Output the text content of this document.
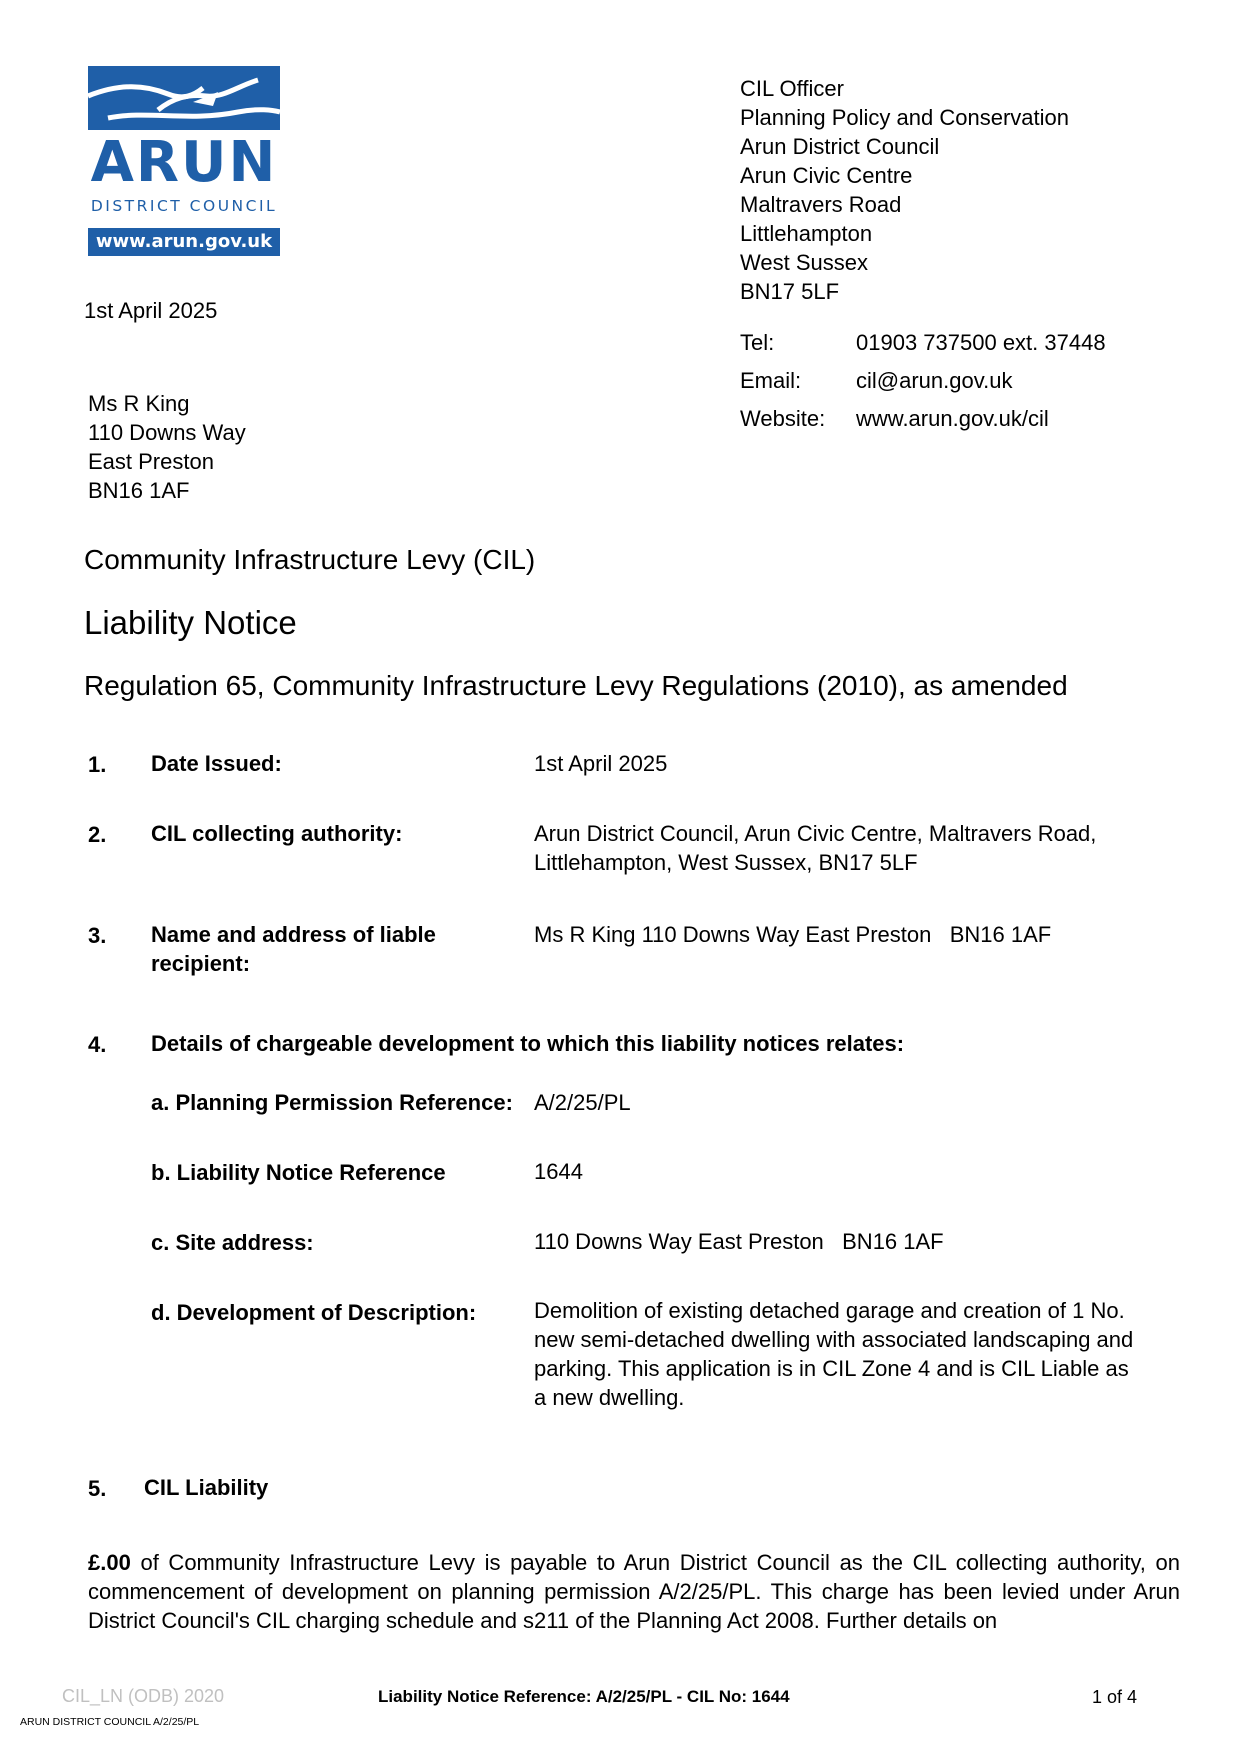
ARUN
DISTRICT COUNCIL
www.arun.gov.uk
CIL Officer
Planning Policy and Conservation
Arun District Council
Arun Civic Centre
Maltravers Road
Littlehampton
West Sussex
BN17 5LF
Tel:	01903 737500 ext. 37448
Email: cil@arun.gov.uk
Website: www.arun.gov.uk/cil
1st April 2025
Ms R King
110 Downs Way
East Preston
BN16 1AF
Community Infrastructure Levy (CIL)
Liability Notice
Regulation 65, Community Infrastructure Levy Regulations (2010), as amended
1. Date Issued:	1st April 2025
2. CIL collecting authority:	Arun District Council, Arun Civic Centre, Maltravers Road,
Littlehampton, West Sussex, BN17 5LF
3. Name and address of liable
recipient:
Ms R King 110 Downs Way East Preston   BN16 1AF
4. Details of chargeable development to which this liability notices relates:
a. Planning Permission Reference: A/2/25/PL
b. Liability Notice Reference	1644
c. Site address:	110 Downs Way East Preston   BN16 1AF
d. Development of Description:	Demolition of existing detached garage and creation of 1 No.
new semi-detached dwelling with associated landscaping and
parking. This application is in CIL Zone 4 and is CIL Liable as
a new dwelling.
5. CIL Liability
£.00 of Community Infrastructure Levy is payable to Arun District Council as the CIL collecting authority, on commencement of development on planning permission A/2/25/PL. This charge has been levied under Arun District Council's CIL charging schedule and s211 of the Planning Act 2008. Further details on
CIL_LN (ODB) 2020	Liability Notice Reference: A/2/25/PL - CIL No: 1644	1 of 4
ARUN DISTRICT COUNCIL A/2/25/PL
